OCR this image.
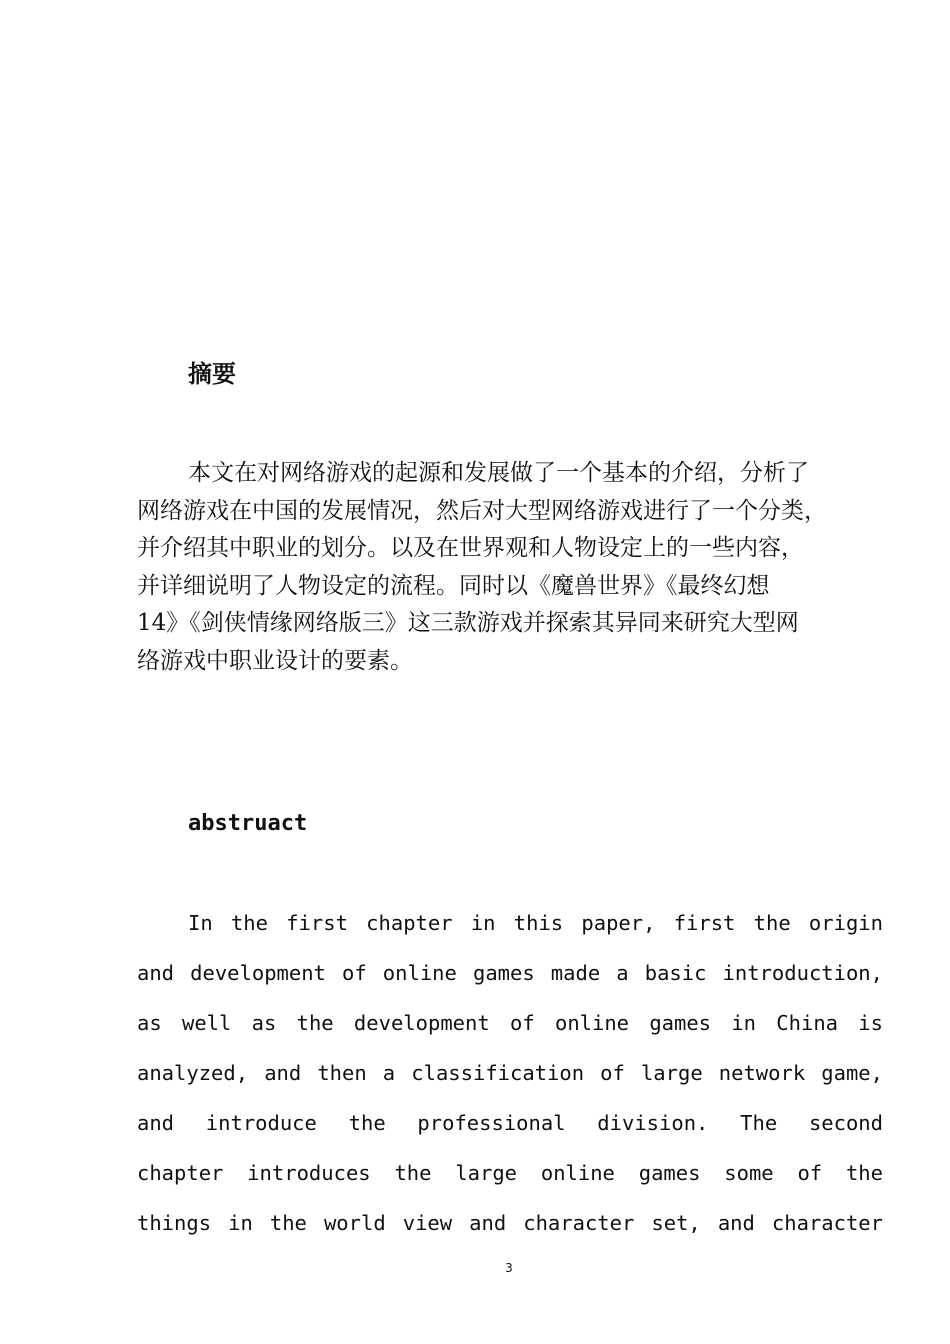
摘要
本文在对网络游戏的起源和发展做了一个基本的介绍，分析了
网络游戏在中国的发展情况，然后对大型网络游戏进行了一个分类，
并介绍其中职业的划分。以及在世界观和人物设定上的一些内容，
并详细说明了人物设定的流程。同时以《魔兽世界》《最终幻想
14》《剑侠情缘网络版三》这三款游戏并探索其异同来研究大型网
络游戏中职业设计的要素。
abstruact
In the first chapter in this paper, first the origin
and development of online games made a basic introduction,
as well as the development of online games in China is
analyzed, and then a classification of large network game,
and introduce the professional division. The second
chapter introduces the large online games some of the
things in the world view and character set, and character
3
